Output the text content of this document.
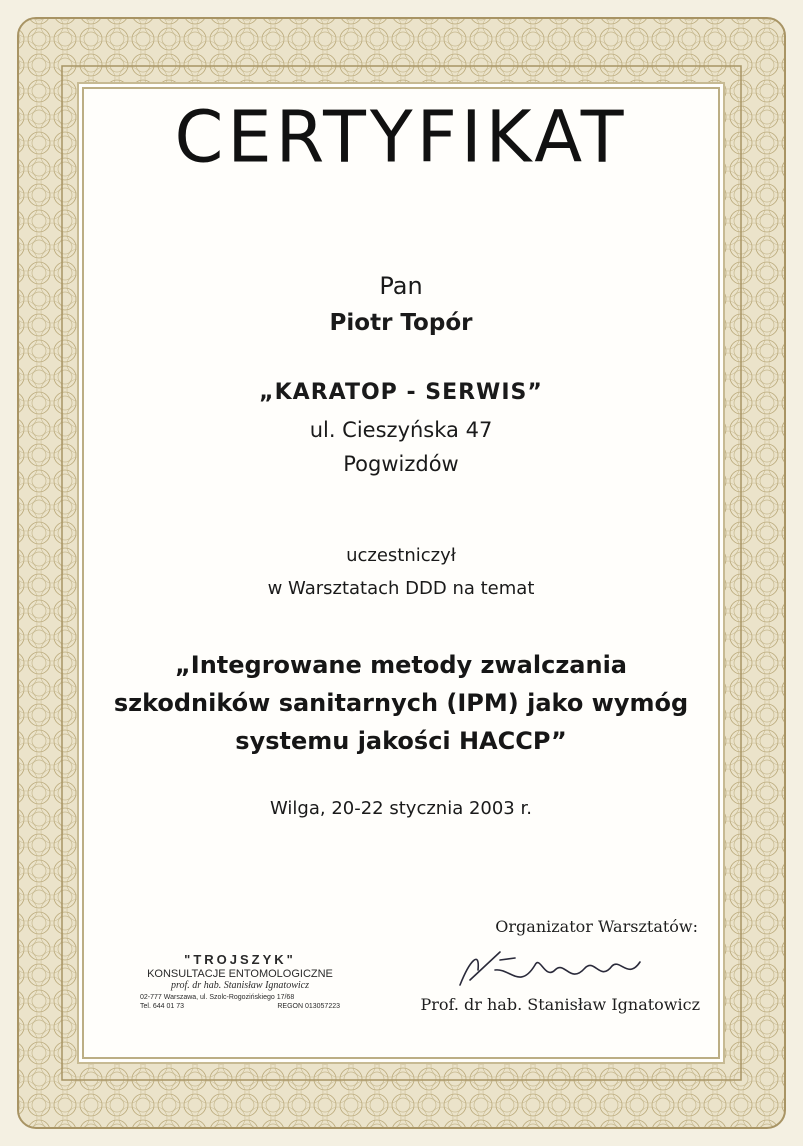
CERTYFIKAT
Pan
Piotr Topór
„KARATOP - SERWIS”
ul. Cieszyńska 47
Pogwizdów
uczestniczył
w Warsztatach DDD na temat
„Integrowane metody zwalczania
szkodników sanitarnych (IPM) jako wymóg
systemu jakości HACCP”
Wilga, 20-22 stycznia 2003 r.
Organizator Warsztatów:
Prof. dr hab. Stanisław Ignatowicz
"TROJSZYK"
KONSULTACJE ENTOMOLOGICZNE
prof. dr hab. Stanisław Ignatowicz
02-777 Warszawa, ul. Szolc-Rogozińskiego 17/68
Tel. 644 01 73	REGON 013057223
